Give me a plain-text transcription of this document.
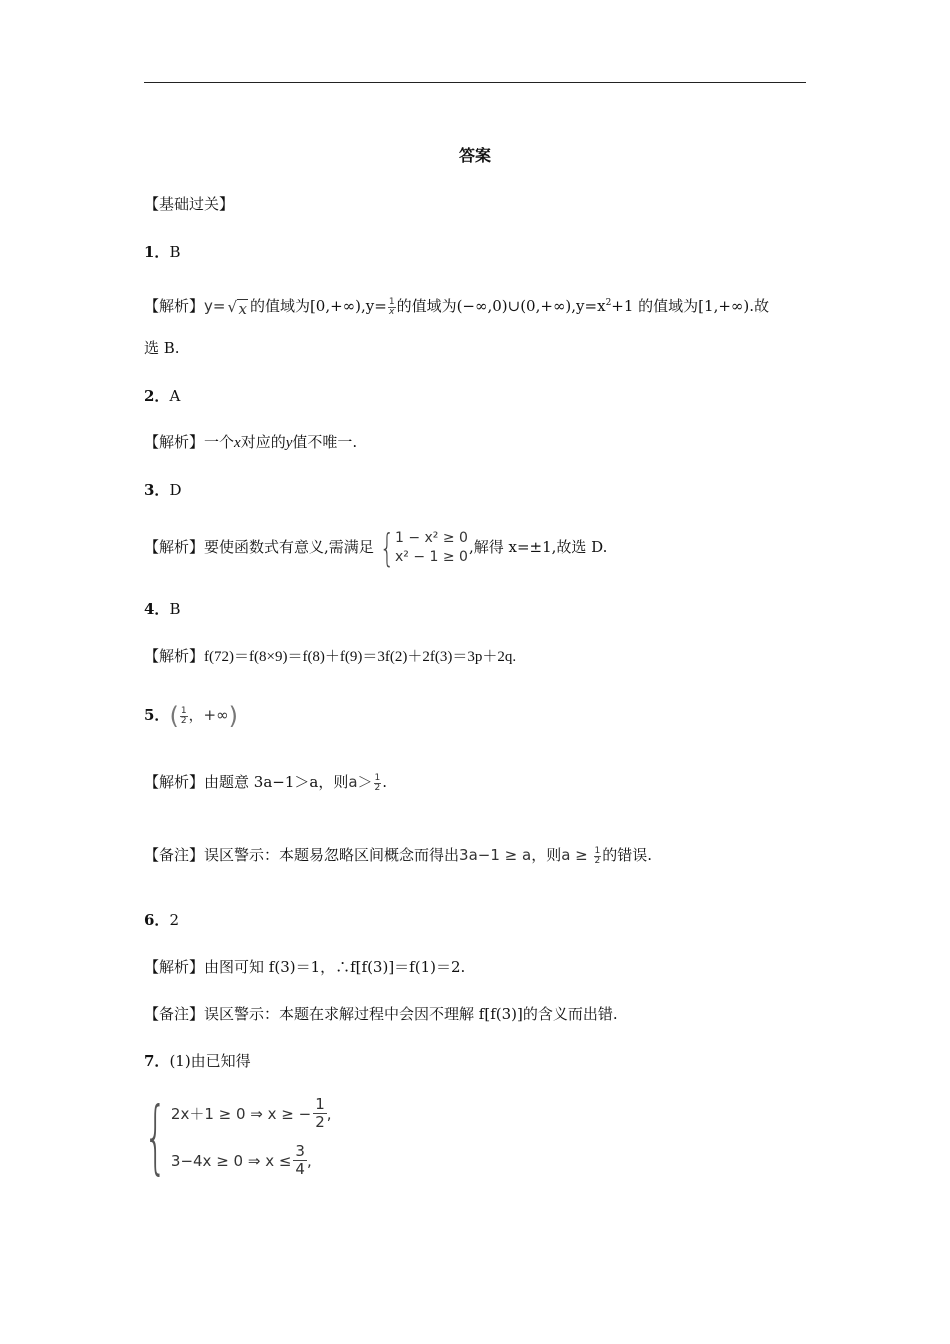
答案
【基础过关】
1．B
【解析】y=√ x 的值域为$[0,+\infty),y= \frac{1}{x}$ 的值域为$(-\infty,0)\cup(0,+\infty),y=x^2+1$ 的值域为[1,+∞).故
选 B.
2．A
【解析】一个x对应的y值不唯一.
3．D
【解析】要使函数式有意义,需满足 { 1 − x² ≥ 0
x² − 1 ≥ 0
,解得 x=±1,故选 D.
4．B
【解析】f(72)＝f(8×9)＝f(8)＋f(9)＝3f(2)＋2f(3)＝3p＋2q.
5．( $\frac{1}{2}$ ，+∞)
【解析】由题意 3a−1＞a，则$a> \frac{1}{2}$ .
【备注】误区警示：本题易忽略区间概念而得出3a−1 ≥ a，则$a \ge \frac{1}{2}$ 的错误.
6．2
【解析】由图可知 f(3)＝1，∴f[f(3)]＝f(1)＝2.
【备注】误区警示：本题在求解过程中会因不理解 f[f(3)]的含义而出错.
7．(1)由已知得
{ 2x＋1 ≥ 0 ⇒ x ≥ − $\frac{1}{2}$ ,
3−4x ≥ 0 ⇒ $x \le \frac{3}{4}$ ,
